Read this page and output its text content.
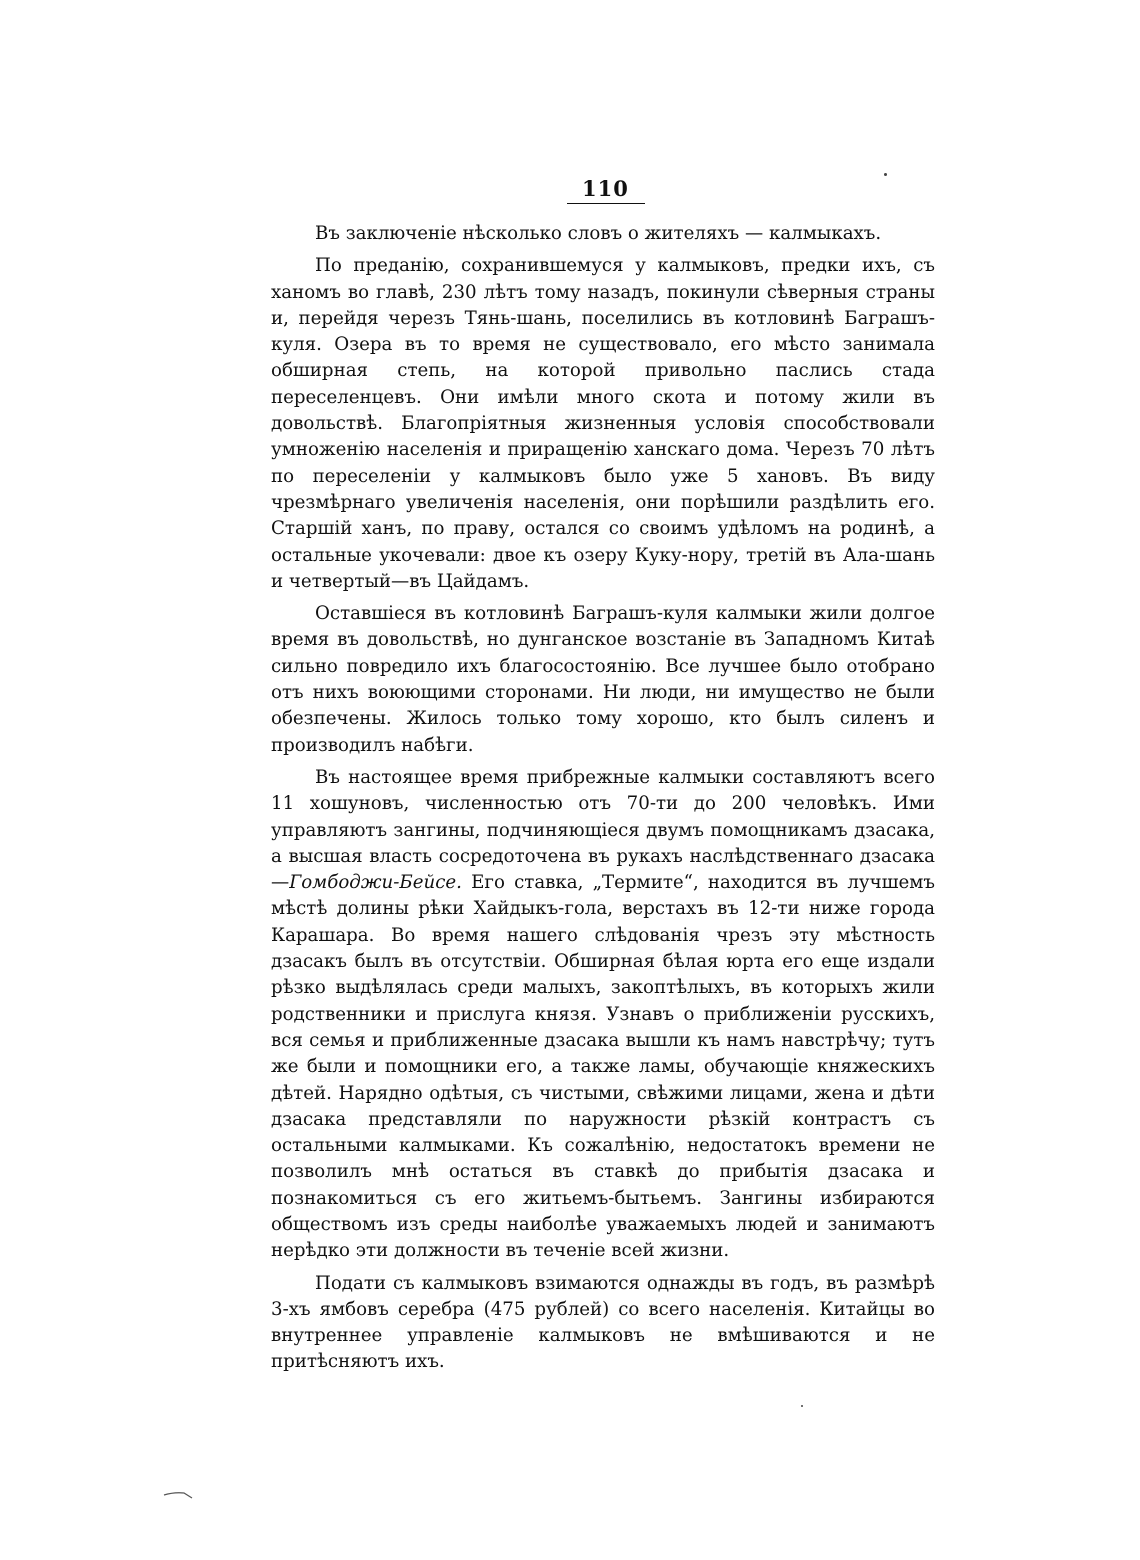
110

Въ заключеніе нѣсколько словъ о жителяхъ — калмыкахъ.

По преданію, сохранившемуся у калмыковъ, предки ихъ, съ ханомъ во главѣ, 230 лѣтъ тому назадъ, покинули сѣверныя страны и, перейдя черезъ Тянь-шань, поселились въ котловинѣ Баграшъ-куля. Озера въ то время не существовало, его мѣсто занимала обширная степь, на которой привольно паслись стада переселенцевъ. Они имѣли много скота и потому жили въ довольствѣ. Благопріятныя жизненныя условія способствовали умноженію населенія и приращенію ханскаго дома. Черезъ 70 лѣтъ по переселеніи у калмыковъ было уже 5 хановъ. Въ виду чрезмѣрнаго увеличенія населенія, они порѣшили раздѣлить его. Старшій ханъ, по праву, остался со своимъ удѣломъ на родинѣ, а остальные укочевали: двое къ озеру Куку-нору, третій въ Ала-шань и четвертый—въ Цайдамъ.

Оставшіеся въ котловинѣ Баграшъ-куля калмыки жили долгое время въ довольствѣ, но дунганское возстаніе въ Западномъ Китаѣ сильно повредило ихъ благосостоянію. Все лучшее было отобрано отъ нихъ воюющими сторонами. Ни люди, ни имущество не были обезпечены. Жилось только тому хорошо, кто былъ силенъ и производилъ набѣги.

Въ настоящее время прибрежные калмыки составляютъ всего 11 хошуновъ, численностью отъ 70-ти до 200 человѣкъ. Ими управляютъ зангины, подчиняющіеся двумъ помощникамъ дзасака, а высшая власть сосредоточена въ рукахъ наслѣдственнаго дзасака—Гомбоджи-Бейсе. Его ставка, „Термите“, находится въ лучшемъ мѣстѣ долины рѣки Хайдыкъ-гола, верстахъ въ 12-ти ниже города Карашара. Во время нашего слѣдованія чрезъ эту мѣстность дзасакъ былъ въ отсутствіи. Обширная бѣлая юрта его еще издали рѣзко выдѣлялась среди малыхъ, закоптѣлыхъ, въ которыхъ жили родственники и прислуга князя. Узнавъ о приближеніи русскихъ, вся семья и приближенные дзасака вышли къ намъ навстрѣчу; тутъ же были и помощники его, а также ламы, обучающіе княжескихъ дѣтей. Нарядно одѣтыя, съ чистыми, свѣжими лицами, жена и дѣти дзасака представляли по наружности рѣзкій контрастъ съ остальными калмыками. Къ сожалѣнію, недостатокъ времени не позволилъ мнѣ остаться въ ставкѣ до прибытія дзасака и познакомиться съ его житьемъ-бытьемъ. Зангины избираются обществомъ изъ среды наиболѣе уважаемыхъ людей и занимаютъ нерѣдко эти должности въ теченіе всей жизни.

Подати съ калмыковъ взимаются однажды въ годъ, въ размѣрѣ 3-хъ ямбовъ серебра (475 рублей) со всего населенія. Китайцы во внутреннее управленіе калмыковъ не вмѣшиваются и не притѣсняютъ ихъ.
